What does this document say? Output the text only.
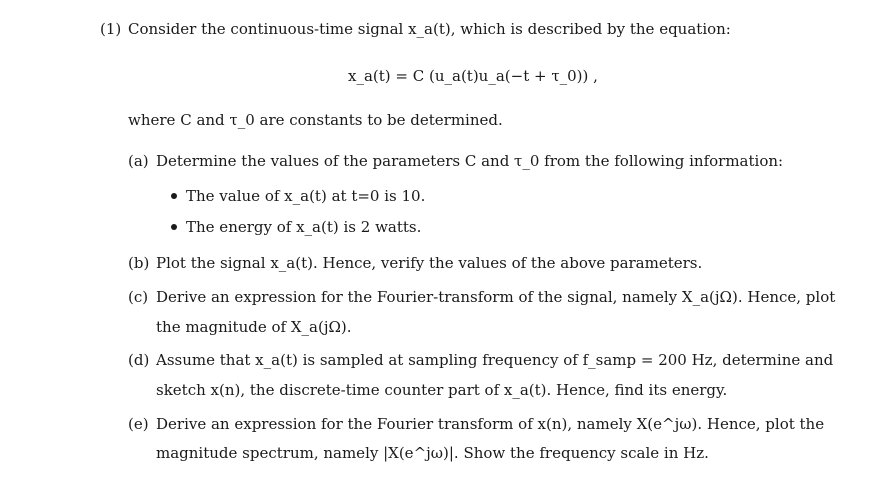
(1) Consider the continuous-time signal x_a(t), which is described by the equation:
x_a(t) = C (u_a(t)u_a(−t + τ_0)) ,
where C and τ_0 are constants to be determined.
(a) Determine the values of the parameters C and τ_0 from the following information:
The value of x_a(t) at t=0 is 10.
The energy of x_a(t) is 2 watts.
(b) Plot the signal x_a(t). Hence, verify the values of the above parameters.
(c) Derive an expression for the Fourier-transform of the signal, namely X_a(jΩ). Hence, plot
the magnitude of X_a(jΩ).
(d) Assume that x_a(t) is sampled at sampling frequency of f_samp = 200 Hz, determine and
sketch x(n), the discrete-time counter part of x_a(t). Hence, find its energy.
(e) Derive an expression for the Fourier transform of x(n), namely X(e^jω). Hence, plot the
magnitude spectrum, namely |X(e^jω)|. Show the frequency scale in Hz.
